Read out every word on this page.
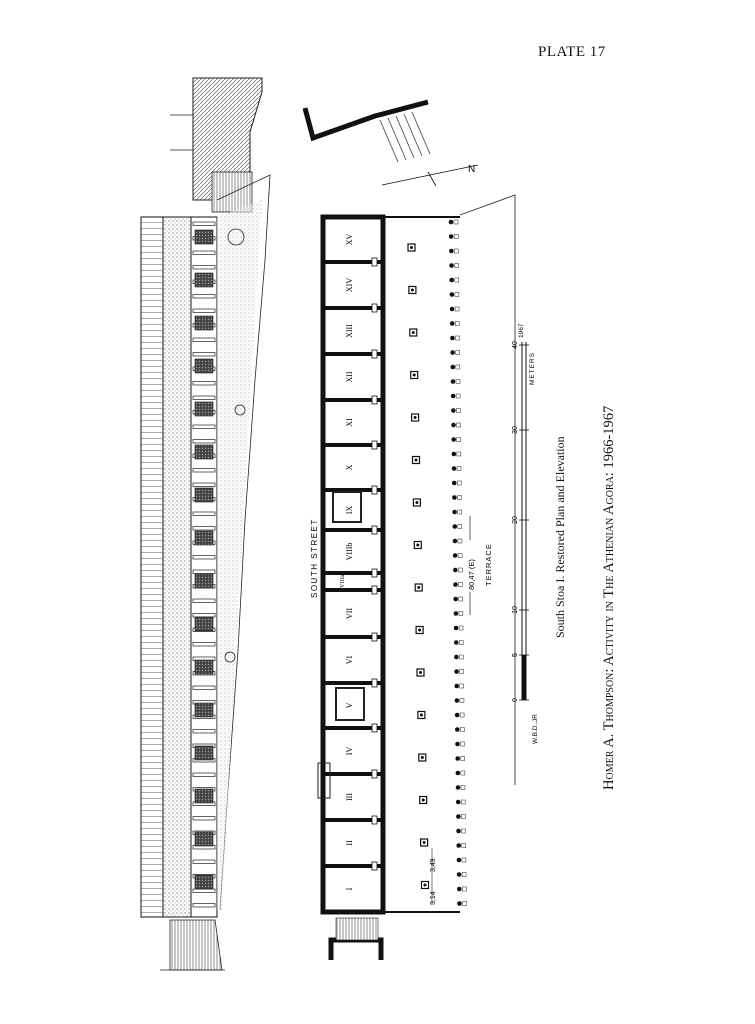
PLATE 17
Homer A. Thompson: Activity in The Athenian Agora: 1966-1967
South Stoa I. Restored Plan and Elevation
N
XV
XIV
XIII
XII
XI
X
IX
VIIIb
VIIIa
VII
VI
V
IV
III
II
I
SOUTH STREET	80,47 (E) TERRACE
3,49
3,14
0
5
10
20
30
40
METERS
1967
W.B.D.,JR
